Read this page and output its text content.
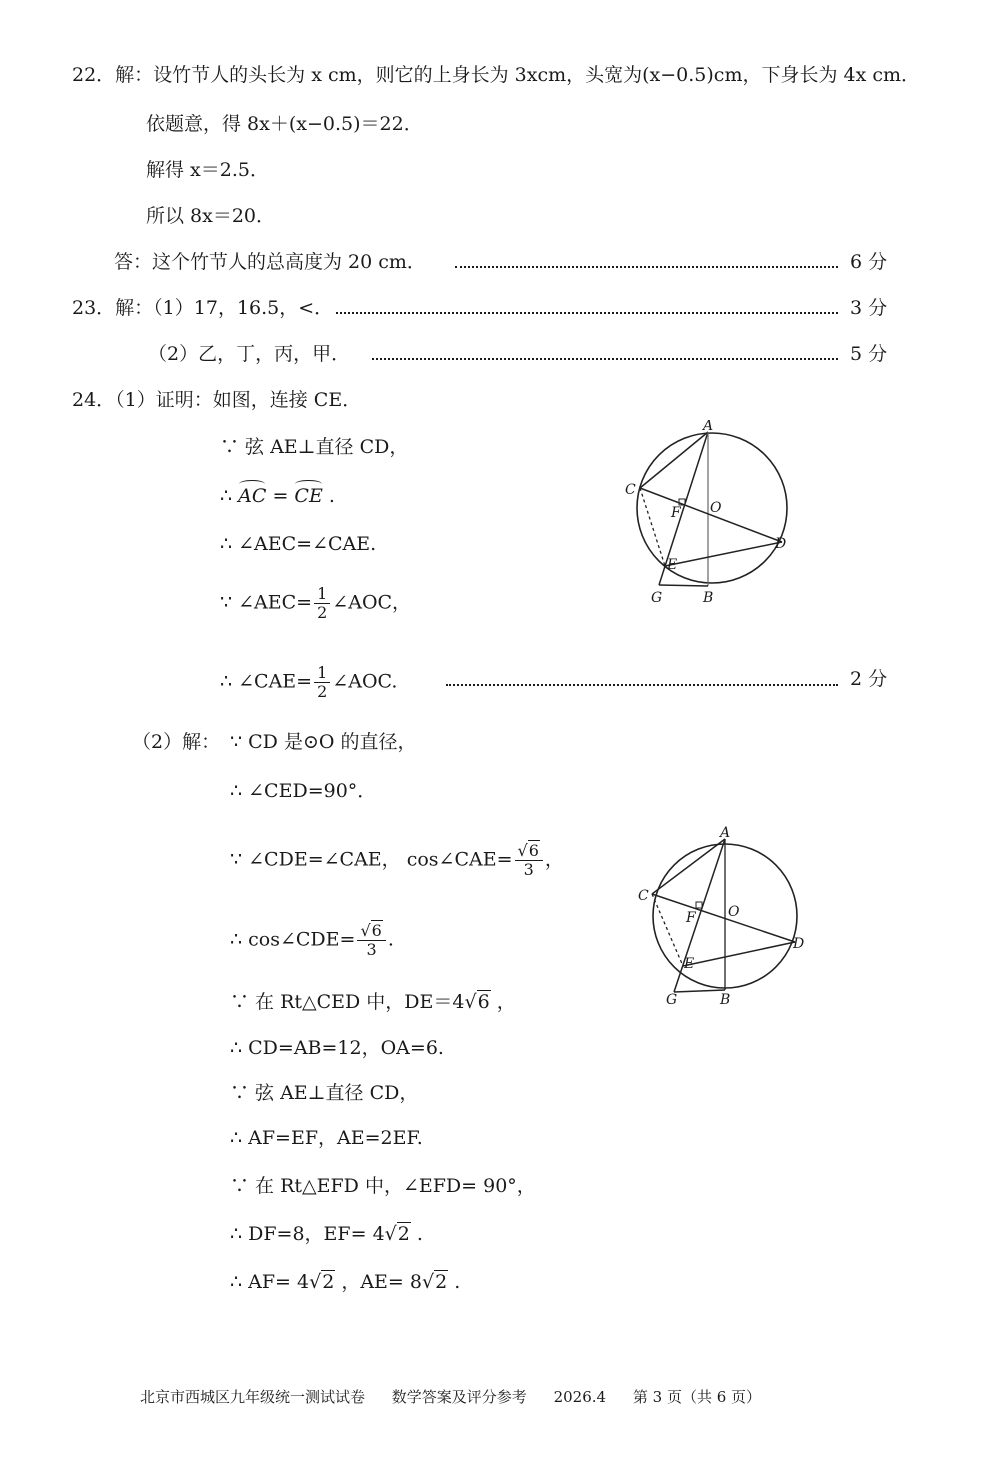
22．解：设竹节人的头长为 x cm，则它的上身长为 3xcm，头宽为(x−0.5)cm，下身长为 4x cm．
依题意，得 8x＋(x−0.5)＝22．
解得 x＝2.5．
所以 8x＝20．
答：这个竹节人的总高度为 20 cm．	6 分
23．解：（1）17，16.5，<．	3 分
（2）乙，丁，丙，甲．	5 分
24．（1）证明：如图，连接 CE．
∵ 弦 AE⊥直径 CD，
∴ AC = CE .
∴ ∠AEC=∠CAE.
∵ ∠AEC= $\frac{1}{2}$ ∠AOC，
∴ ∠CAE= $\frac{1}{2}$ ∠AOC.	2 分
A
C
F O
D
E
G	B
（2）解： ∵ CD 是⊙O 的直径，
∴ ∠CED=90°．
∵ ∠CDE=∠CAE， cos∠CAE= $\frac{√6}{3}$ ，
∴ cos∠CDE= $\frac{√6}{3}$ .
∵ 在 Rt△CED 中，DE＝4√6 ，
∴ CD=AB=12，OA=6.
∵ 弦 AE⊥直径 CD，
∴ AF=EF，AE=2EF.
∵ 在 Rt△EFD 中，∠EFD= 90°，
∴ DF=8，EF= 4√2 .
∴ AF= 4√2 ，AE= 8√2 .
A
C
F O
D
E
G	B
北京市西城区九年级统一测试试卷 数学答案及评分参考 2026.4 第 3 页（共 6 页）
